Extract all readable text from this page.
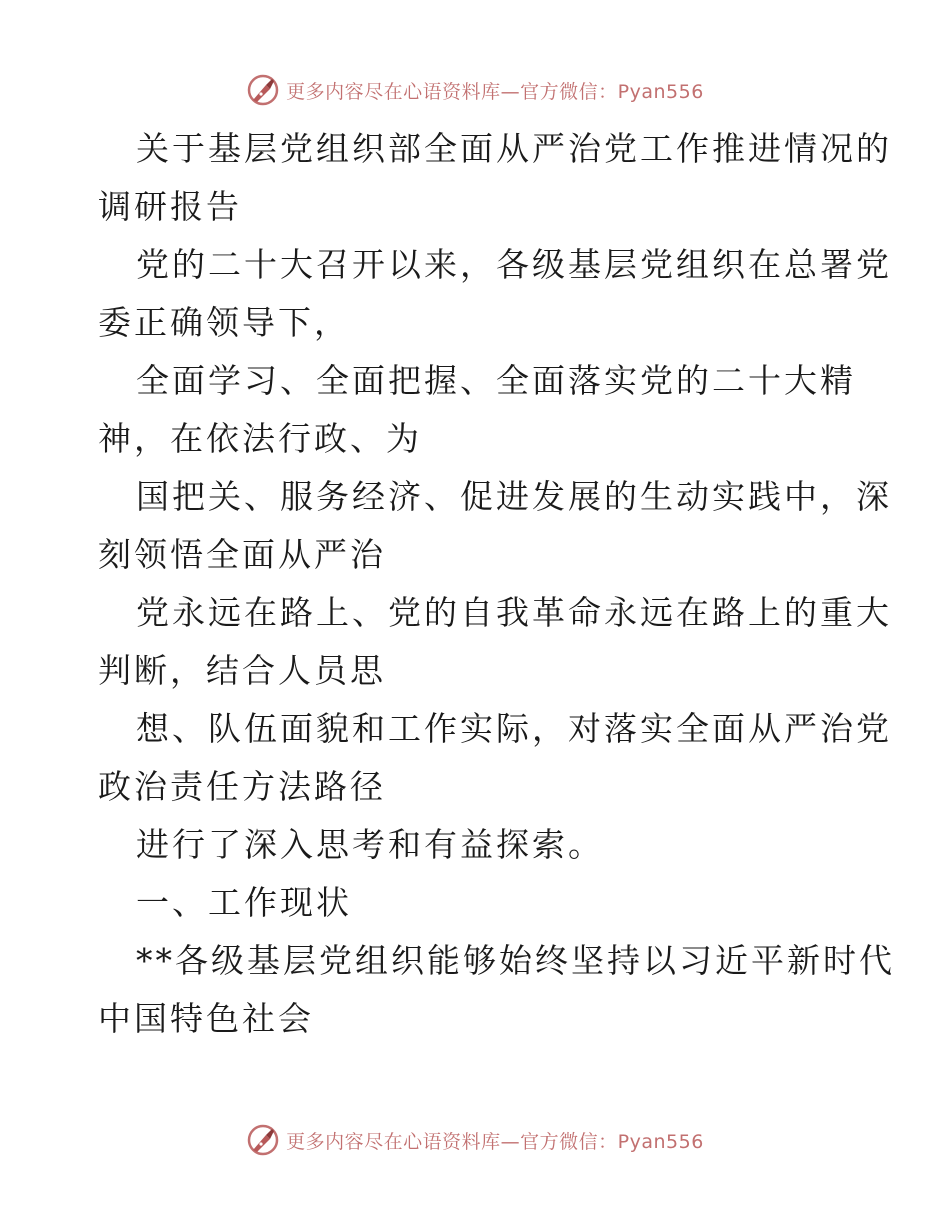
更多内容尽在心语资料库—官方微信：Pyan556
关于基层党组织部全面从严治党工作推进情况的
调研报告
党的二十大召开以来，各级基层党组织在总署党
委正确领导下，
全面学习、全面把握、全面落实党的二十大精
神，在依法行政、为
国把关、服务经济、促进发展的生动实践中，深
刻领悟全面从严治
党永远在路上、党的自我革命永远在路上的重大
判断，结合人员思
想、队伍面貌和工作实际，对落实全面从严治党
政治责任方法路径
进行了深入思考和有益探索。
一、工作现状
**各级基层党组织能够始终坚持以习近平新时代
中国特色社会
更多内容尽在心语资料库—官方微信：Pyan556
